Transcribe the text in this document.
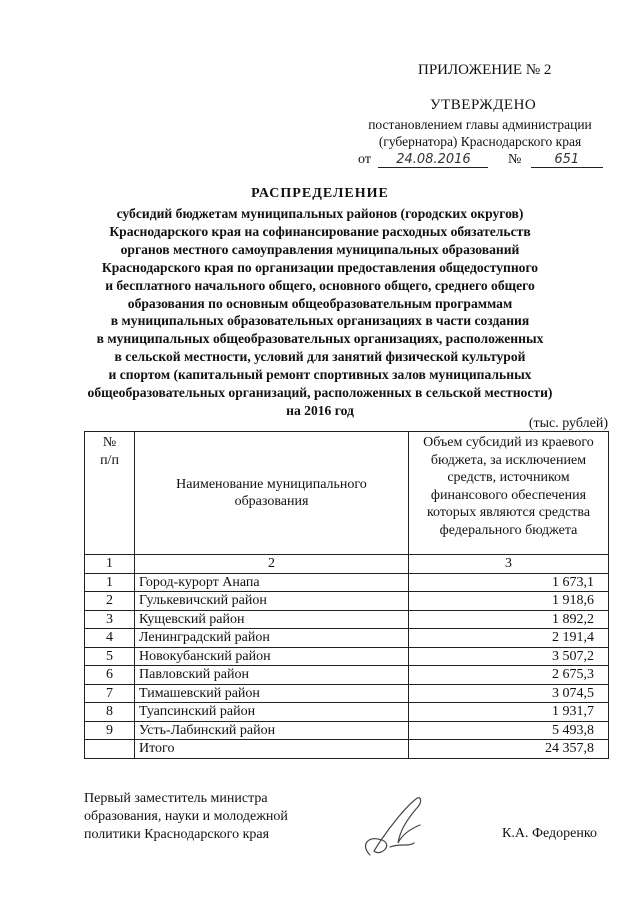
ПРИЛОЖЕНИЕ № 2
УТВЕРЖДЕНО
постановлением главы администрации
(губернатора) Краснодарского края
от 24.08.2016	№	651
РАСПРЕДЕЛЕНИЕ
субсидий бюджетам муниципальных районов (городских округов)
Краснодарского края на софинансирование расходных обязательств
органов местного самоуправления муниципальных образований
Краснодарского края по организации предоставления общедоступного
и бесплатного начального общего, основного общего, среднего общего
образования по основным общеобразовательным программам
в муниципальных образовательных организациях в части создания
в муниципальных общеобразовательных организациях, расположенных
в сельской местности, условий для занятий физической культурой
и спортом (капитальный ремонт спортивных залов муниципальных
общеобразовательных организаций, расположенных в сельской местности)
на 2016 год
(тыс. рублей)
№
п/п	Наименование муниципального образования	Объем субсидий из краевого бюджета, за исключением средств, источником финансового обеспечения которых являются средства федерального бюджета
1	2	3
1	Город-курорт Анапа	1 673,1
2	Гулькевичский район	1 918,6
3	Кущевский район	1 892,2
4	Ленинградский район	2 191,4
5	Новокубанский район	3 507,2
6	Павловский район	2 675,3
7	Тимашевский район	3 074,5
8	Туапсинский район	1 931,7
9	Усть-Лабинский район	5 493,8
	Итого	24 357,8
Первый заместитель министра
образования, науки и молодежной
политики Краснодарского края	К.А. Федоренко
